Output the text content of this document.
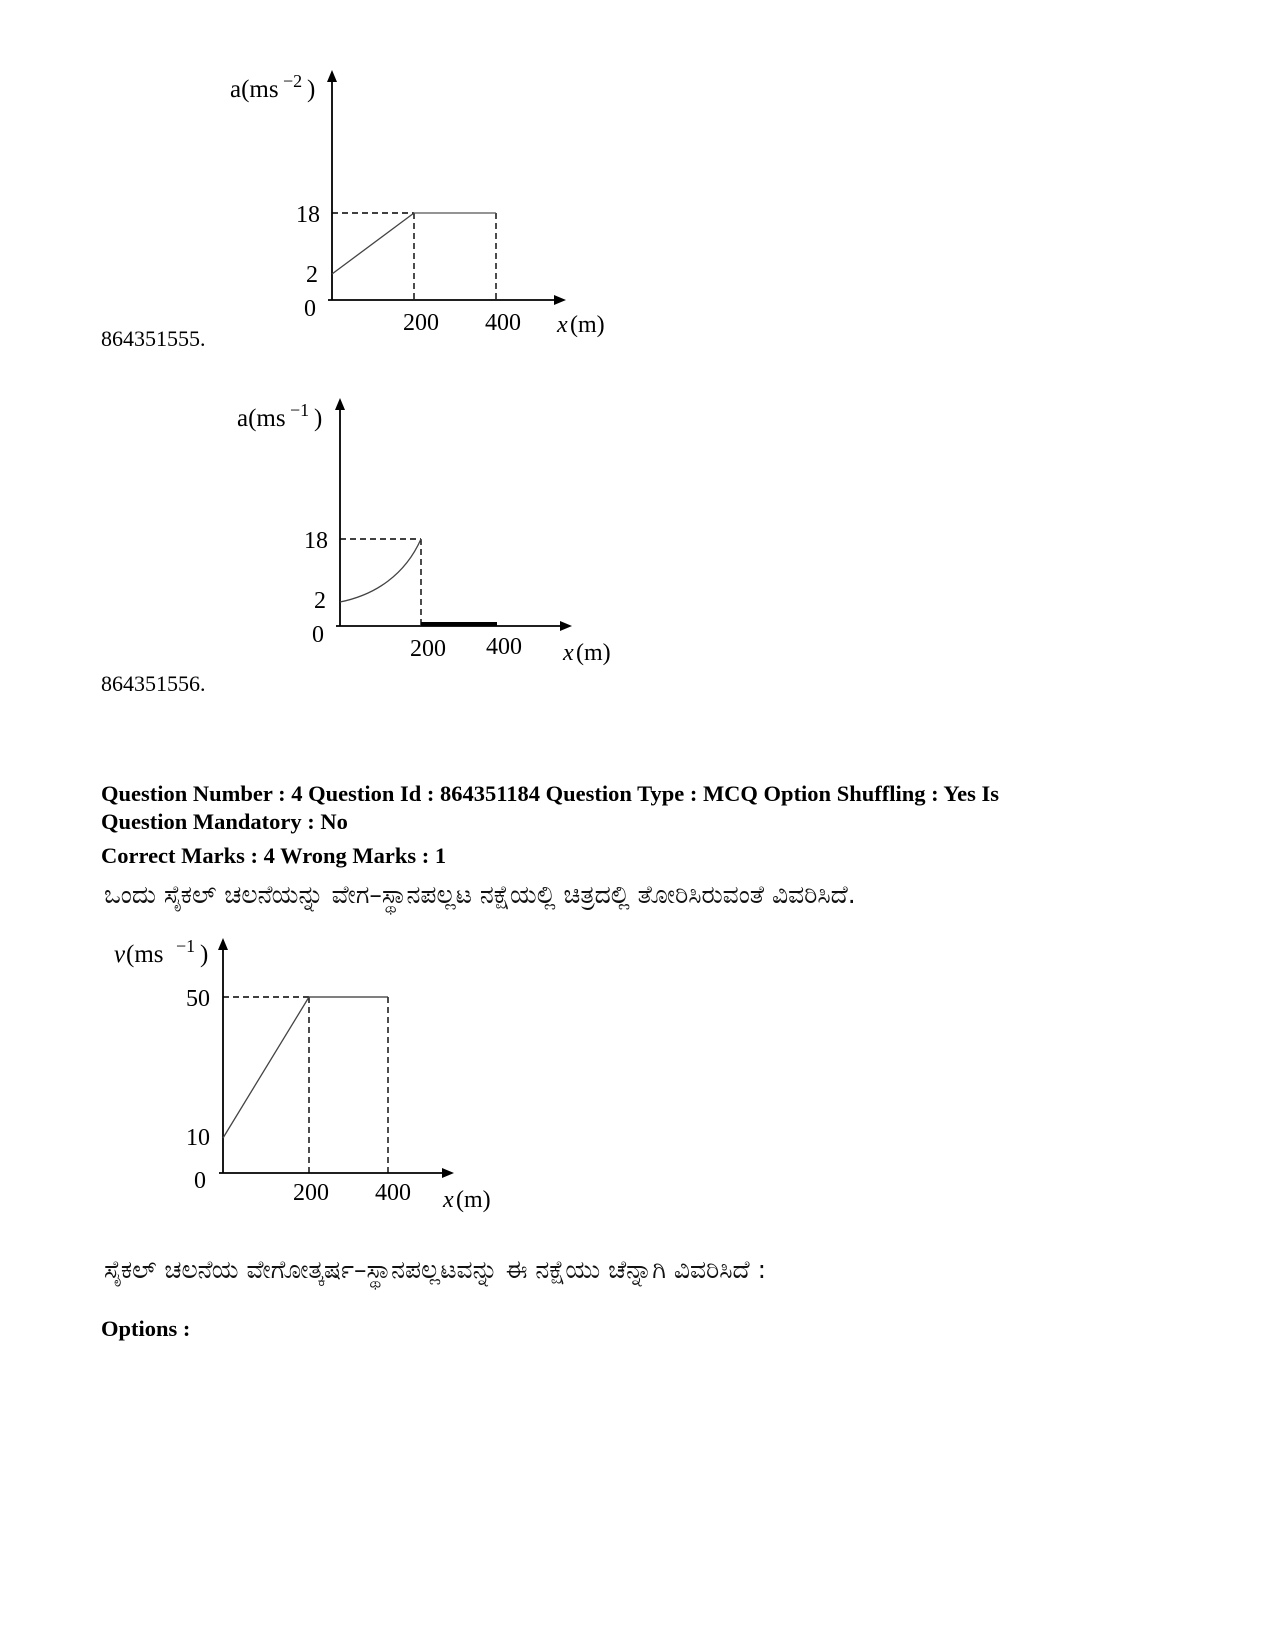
a(ms −2 )
18
2
0
200 400 x (m)
864351555.
a(ms −1 )
18
2
0
200 400 x (m)
864351556.
Question Number : 4 Question Id : 864351184 Question Type : MCQ Option Shuffling : Yes Is
Question Mandatory : No
Correct Marks : 4 Wrong Marks : 1
ಒಂದು ಸೈಕಲ್ ಚಲನೆಯನ್ನು ವೇಗ–ಸ್ಥಾನಪಲ್ಲಟ ನಕ್ಷೆಯಲ್ಲಿ ಚಿತ್ರದಲ್ಲಿ ತೋರಿಸಿರುವಂತೆ ವಿವರಿಸಿದೆ.
v (ms −1 )
50
10
0	200 400 x (m)
ಸೈಕಲ್ ಚಲನೆಯ ವೇಗೋತ್ಕರ್ಷ–ಸ್ಥಾನಪಲ್ಲಟವನ್ನು ಈ ನಕ್ಷೆಯು ಚೆನ್ನಾಗಿ ವಿವರಿಸಿದೆ :
Options :
